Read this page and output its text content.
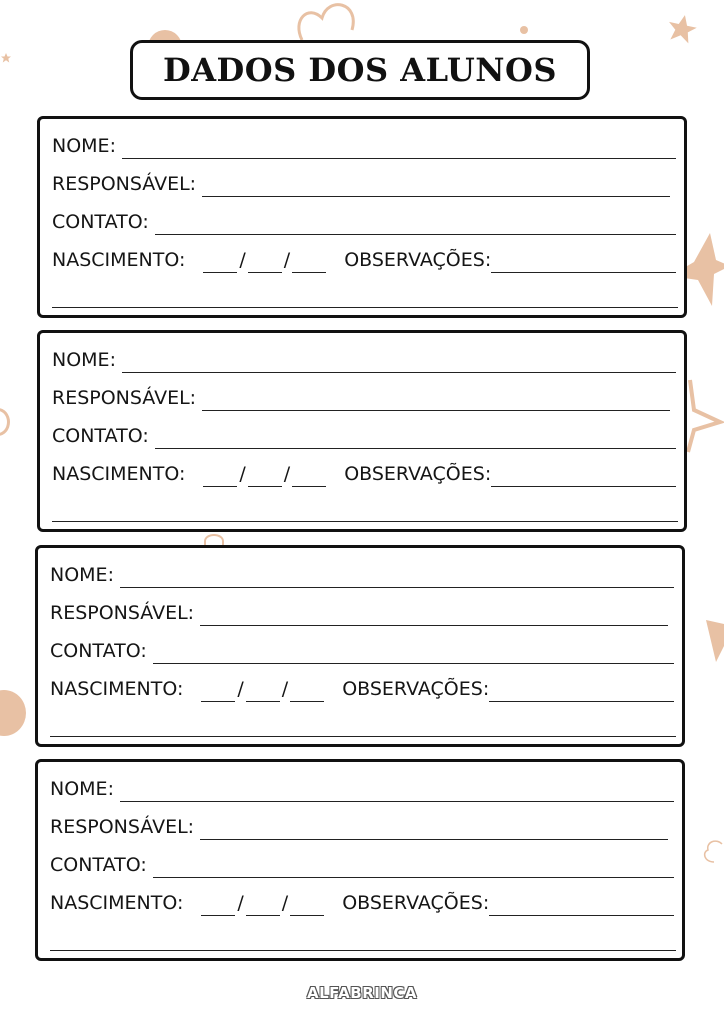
DADOS DOS ALUNOS
NOME:
RESPONSÁVEL:
CONTATO:
NASCIMENTO:	/ /	OBSERVAÇÕES:
NOME:
RESPONSÁVEL:
CONTATO:
NASCIMENTO:	/ /	OBSERVAÇÕES:
NOME:
RESPONSÁVEL:
CONTATO:
NASCIMENTO:	/ /	OBSERVAÇÕES:
NOME:
RESPONSÁVEL:
CONTATO:
NASCIMENTO:	/ /	OBSERVAÇÕES:
ALFABRINCA
